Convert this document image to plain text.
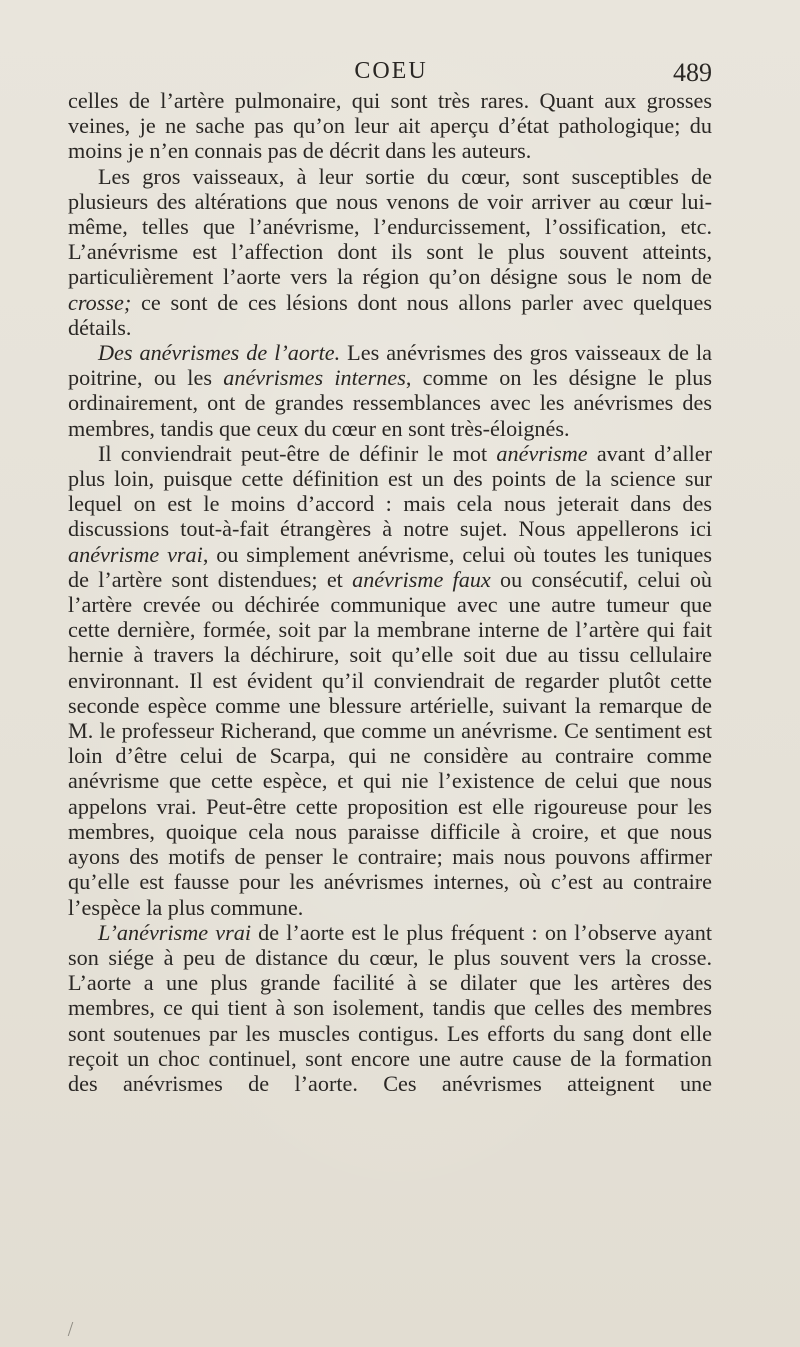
COEU	489

celles de l’artère pulmonaire, qui sont très rares. Quant aux grosses veines, je ne sache pas qu’on leur ait aperçu d’état pathologique; du moins je n’en connais pas de décrit dans les auteurs.

Les gros vaisseaux, à leur sortie du cœur, sont susceptibles de plusieurs des altérations que nous venons de voir arriver au cœur lui-même, telles que l’anévrisme, l’endurcissement, l’ossification, etc. L’anévrisme est l’affection dont ils sont le plus souvent atteints, particulièrement l’aorte vers la région qu’on désigne sous le nom de crosse; ce sont de ces lésions dont nous allons parler avec quelques détails.

Des anévrismes de l’aorte. Les anévrismes des gros vaisseaux de la poitrine, ou les anévrismes internes, comme on les désigne le plus ordinairement, ont de grandes ressemblances avec les anévrismes des membres, tandis que ceux du cœur en sont très-éloignés.

Il conviendrait peut-être de définir le mot anévrisme avant d’aller plus loin, puisque cette définition est un des points de la science sur lequel on est le moins d’accord : mais cela nous jeterait dans des discussions tout-à-fait étrangères à notre sujet. Nous appellerons ici anévrisme vrai, ou simplement anévrisme, celui où toutes les tuniques de l’artère sont distendues; et anévrisme faux ou consécutif, celui où l’artère crevée ou déchirée communique avec une autre tumeur que cette dernière, formée, soit par la membrane interne de l’artère qui fait hernie à travers la déchirure, soit qu’elle soit due au tissu cellulaire environnant. Il est évident qu’il conviendrait de regarder plutôt cette seconde espèce comme une blessure artérielle, suivant la remarque de M. le professeur Richerand, que comme un anévrisme. Ce sentiment est loin d’être celui de Scarpa, qui ne considère au contraire comme anévrisme que cette espèce, et qui nie l’existence de celui que nous appelons vrai. Peut-être cette proposition est elle rigoureuse pour les membres, quoique cela nous paraisse difficile à croire, et que nous ayons des motifs de penser le contraire; mais nous pouvons affirmer qu’elle est fausse pour les anévrismes internes, où c’est au contraire l’espèce la plus commune.

L’anévrisme vrai de l’aorte est le plus fréquent : on l’observe ayant son siége à peu de distance du cœur, le plus souvent vers la crosse. L’aorte a une plus grande facilité à se dilater que les artères des membres, ce qui tient à son isolement, tandis que celles des membres sont soutenues par les muscles contigus. Les efforts du sang dont elle reçoit un choc continuel, sont encore une autre cause de la formation des anévrismes de l’aorte. Ces anévrismes atteignent une
